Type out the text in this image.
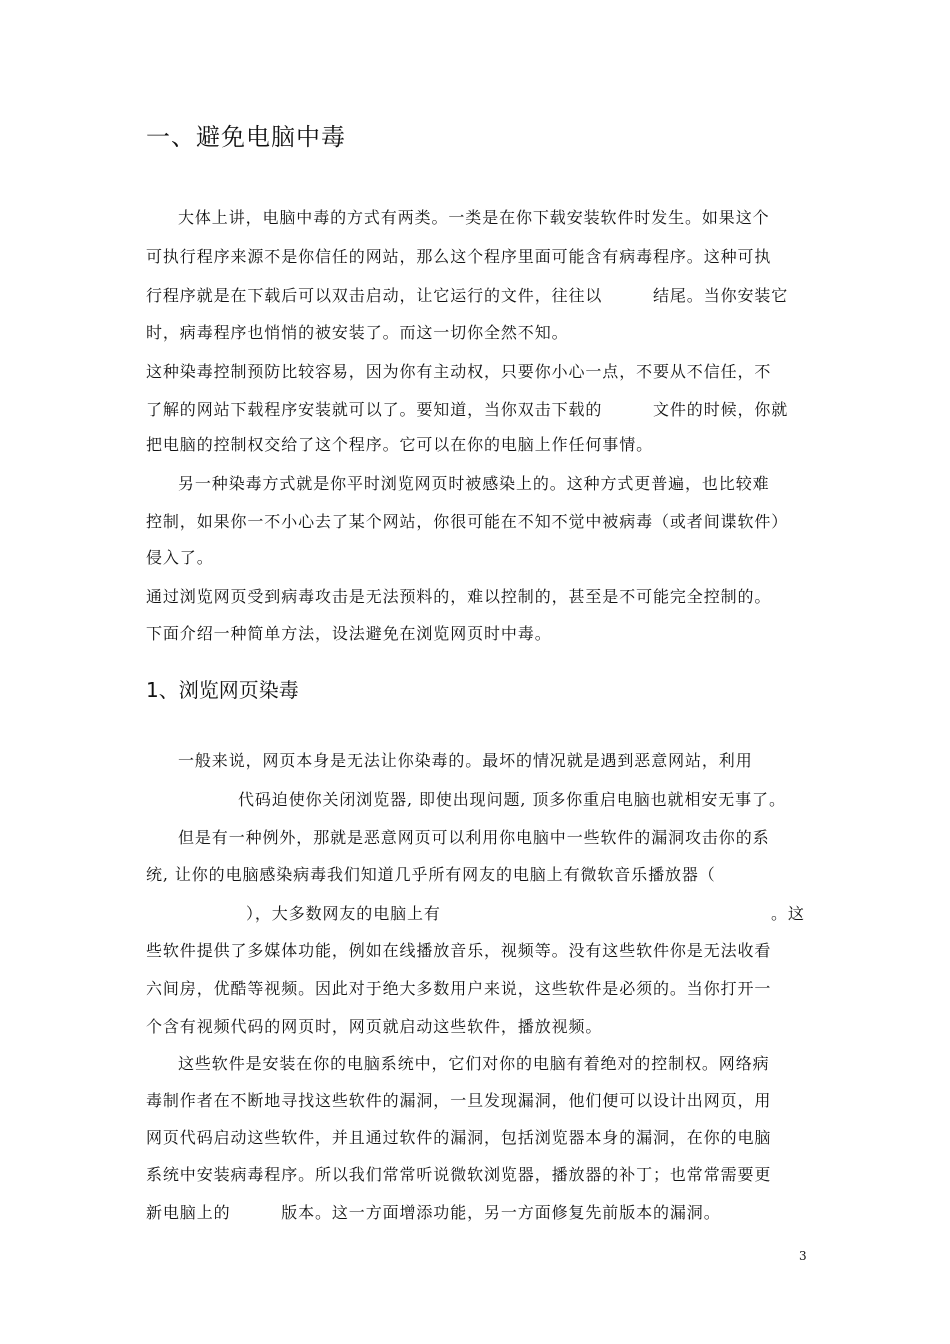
一、避免电脑中毒
大体上讲，电脑中毒的方式有两类。一类是在你下载安装软件时发生。如果这个
可执行程序来源不是你信任的网站，那么这个程序里面可能含有病毒程序。这种可执
行程序就是在下载后可以双击启动，让它运行的文件，往往以　　　结尾。当你安装它
时，病毒程序也悄悄的被安装了。而这一切你全然不知。
这种染毒控制预防比较容易，因为你有主动权，只要你小心一点，不要从不信任，不
了解的网站下载程序安装就可以了。要知道，当你双击下载的　　　文件的时候，你就
把电脑的控制权交给了这个程序。它可以在你的电脑上作任何事情。
另一种染毒方式就是你平时浏览网页时被感染上的。这种方式更普遍，也比较难
控制，如果你一不小心去了某个网站，你很可能在不知不觉中被病毒（或者间谍软件）
侵入了。
通过浏览网页受到病毒攻击是无法预料的，难以控制的，甚至是不可能完全控制的。
下面介绍一种简单方法，设法避免在浏览网页时中毒。
1、浏览网页染毒
一般来说，网页本身是无法让你染毒的。最坏的情况就是遇到恶意网站，利用
代码迫使你关闭浏览器, 即使出现问题, 顶多你重启电脑也就相安无事了。
但是有一种例外，那就是恶意网页可以利用你电脑中一些软件的漏洞攻击你的系
统, 让你的电脑感染病毒我们知道几乎所有网友的电脑上有微软音乐播放器（
），大多数网友的电脑上有	。这
些软件提供了多媒体功能，例如在线播放音乐，视频等。没有这些软件你是无法收看
六间房，优酷等视频。因此对于绝大多数用户来说，这些软件是必须的。当你打开一
个含有视频代码的网页时，网页就启动这些软件，播放视频。
这些软件是安装在你的电脑系统中，它们对你的电脑有着绝对的控制权。网络病
毒制作者在不断地寻找这些软件的漏洞，一旦发现漏洞，他们便可以设计出网页，用
网页代码启动这些软件，并且通过软件的漏洞，包括浏览器本身的漏洞，在你的电脑
系统中安装病毒程序。所以我们常常听说微软浏览器，播放器的补丁；也常常需要更
新电脑上的　　　版本。这一方面增添功能，另一方面修复先前版本的漏洞。
3
